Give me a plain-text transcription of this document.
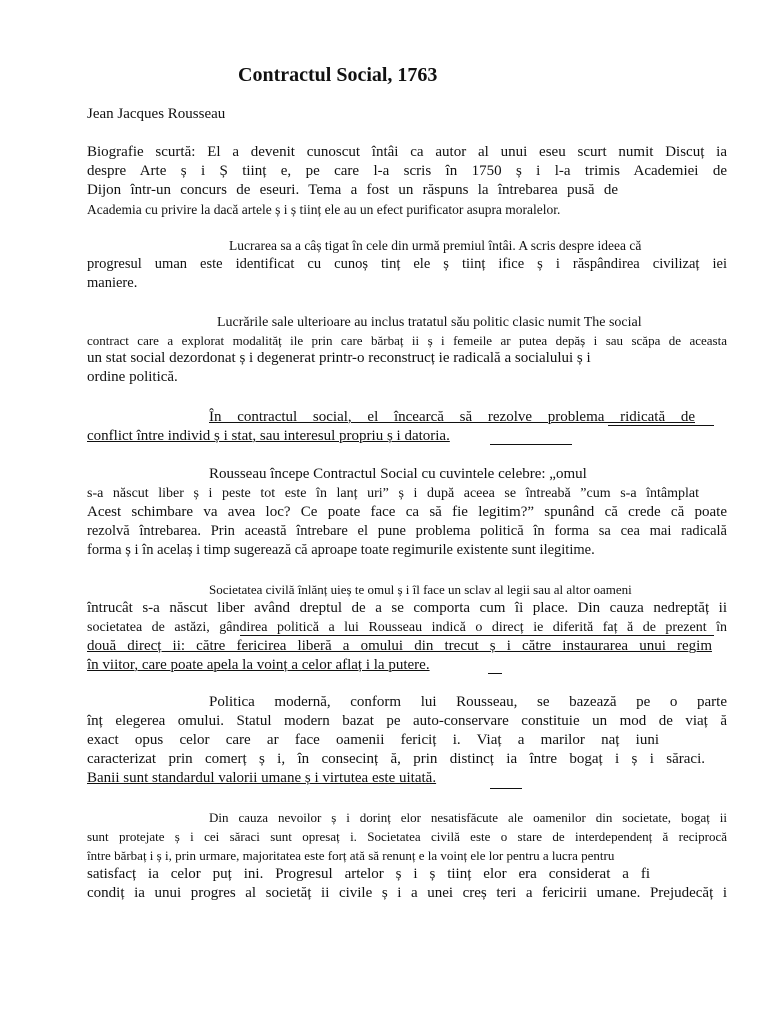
Contractul Social, 1763
Jean Jacques Rousseau
Biografie scurtă: El a devenit cunoscut întâi ca autor al unui eseu scurt numit Discuț ia
despre Arte ș i Ș tiinț e, pe care l-a scris în 1750 ș i l-a trimis Academiei de
Dijon într-un concurs de eseuri. Tema a fost un răspuns la întrebarea pusă de
Academia cu privire la dacă artele ș i ș tiinț ele au un efect purificator asupra moralelor.
Lucrarea sa a câș tigat în cele din urmă premiul întâi. A scris despre ideea că
progresul uman este identificat cu cunoș tinț ele ș tiinț ifice ș i răspândirea civilizaț iei
maniere.
Lucrările sale ulterioare au inclus tratatul său politic clasic numit The social
contract care a explorat modalităț ile prin care bărbaț ii ș i femeile ar putea depăș i sau scăpa de aceasta
un stat social dezordonat ș i degenerat printr-o reconstrucț ie radicală a socialului ș i
ordine politică.
În contractul social, el încearcă să rezolve problema ridicată de
conflict între individ ș i stat, sau interesul propriu ș i datoria.
Rousseau începe Contractul Social cu cuvintele celebre: „omul
s-a născut liber ș i peste tot este în lanț uri” ș i după aceea se întreabă ”cum s-a întâmplat
Acest schimbare va avea loc? Ce poate face ca să fie legitim?” spunând că crede că poate
rezolvă întrebarea. Prin această întrebare el pune problema politică în forma sa cea mai radicală
forma ș i în acelaș i timp sugerează că aproape toate regimurile existente sunt ilegitime.
Societatea civilă înlănț uieș te omul ș i îl face un sclav al legii sau al altor oameni
întrucât s-a născut liber având dreptul de a se comporta cum îi place. Din cauza nedreptăț ii
societatea de astăzi, gândirea politică a lui Rousseau indică o direcț ie diferită faț ă de prezent în
două direcț ii: către fericirea liberă a omului din trecut ș i către instaurarea unui regim
în viitor, care poate apela la voinț a celor aflaț i la putere.
Politica modernă, conform lui Rousseau, se bazează pe o parte
înț elegerea omului. Statul modern bazat pe auto-conservare constituie un mod de viaț ă
exact opus celor care ar face oamenii fericiț i. Viaț a marilor naț iuni
caracterizat prin comerț ș i, în consecinț ă, prin distincț ia între bogaț i ș i săraci.
Banii sunt standardul valorii umane ș i virtutea este uitată.
Din cauza nevoilor ș i dorinț elor nesatisfăcute ale oamenilor din societate, bogaț ii
sunt protejate ș i cei săraci sunt opresaț i. Societatea civilă este o stare de interdependenț ă reciprocă
între bărbaț i ș i, prin urmare, majoritatea este forț ată să renunț e la voinț ele lor pentru a lucra pentru
satisfacț ia celor puț ini. Progresul artelor ș i ș tiinț elor era considerat a fi
condiț ia unui progres al societăț ii civile ș i a unei creș teri a fericirii umane. Prejudecăț i
